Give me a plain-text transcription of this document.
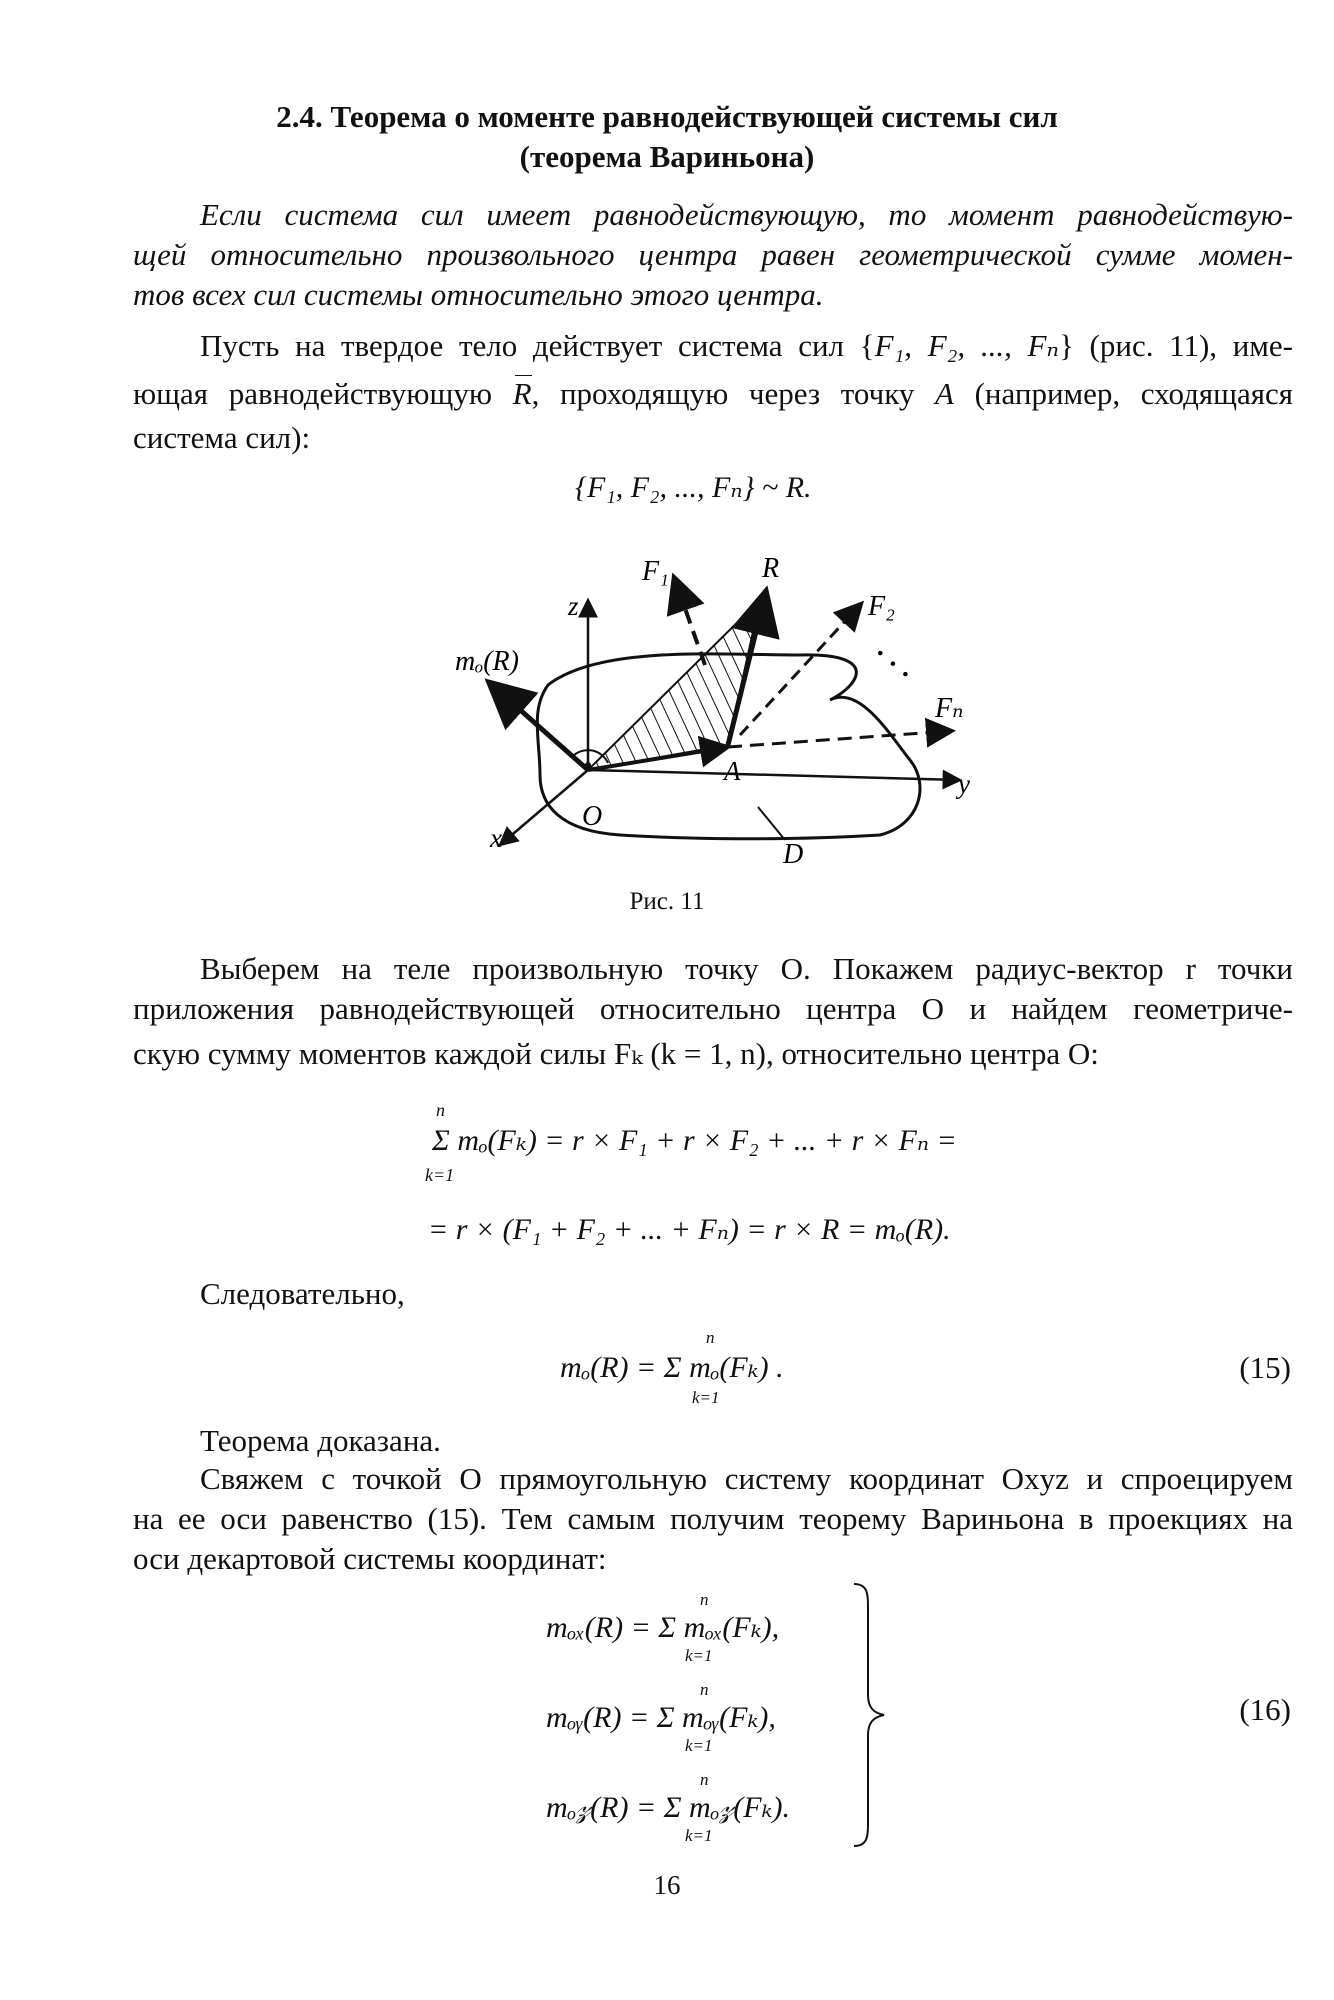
2.4. Теорема о моменте равнодействующей системы сил
(теорема Вариньона)
Если система сил имеет равнодействующую, то момент равнодействую-
щей относительно произвольного центра равен геометрической сумме момен-
тов всех сил системы относительно этого центра.
Пусть на твердое тело действует система сил {F₁, F₂, ..., Fₙ} (рис. 11), име-
ющая равнодействующую R, проходящую через точку A (например, сходящаяся
система сил):
{F₁, F₂, ..., Fₙ} ~ R.
F₁	R
F₂
Fₙ
· · ·
z
y
x
O
A
D
mₒ(R)
Рис. 11
Выберем на теле произвольную точку O. Покажем радиус-вектор r точки
приложения равнодействующей относительно центра O и найдем геометриче-
скую сумму моментов каждой силы Fₖ (k = 1, n), относительно центра O:
n
Σ mₒ(Fₖ) = r × F₁ + r × F₂ + ... + r × Fₙ =
k=1
= r × (F₁ + F₂ + ... + Fₙ) = r × R = mₒ(R).
Следовательно,
n
mₒ(R) = Σ mₒ(Fₖ) .
k=1
(15)
Теорема доказана.
Свяжем с точкой O прямоугольную систему координат Oxyz и спроецируем
на ее оси равенство (15). Тем самым получим теорему Вариньона в проекциях на
оси декартовой системы координат:
n
mₒₓ(R) = Σ mₒₓ(Fₖ),
k=1
n
mₒᵧ(R) = Σ mₒᵧ(Fₖ),
k=1
n
mₒ𝓏(R) = Σ mₒ𝓏(Fₖ).
k=1
(16)
16
